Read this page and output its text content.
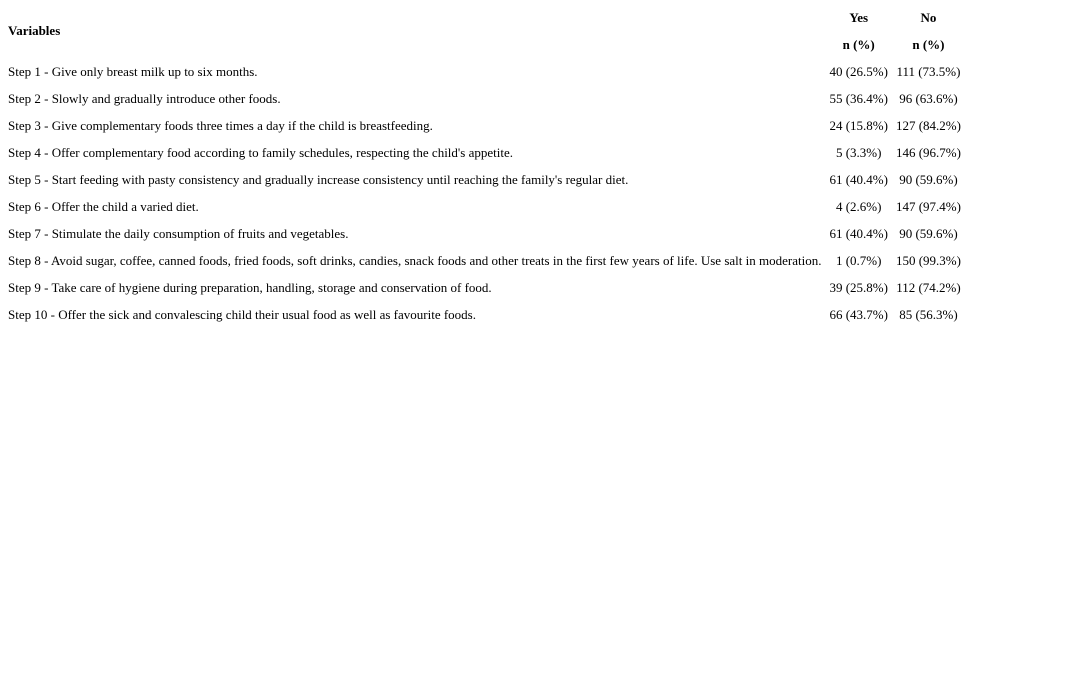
Variables	Yes	No
	n (%)	n (%)
Step 1 - Give only breast milk up to six months.	40 (26.5%)	111 (73.5%)
Step 2 - Slowly and gradually introduce other foods.	55 (36.4%)	96 (63.6%)
Step 3 - Give complementary foods three times a day if the child is breastfeeding.	24 (15.8%)	127 (84.2%)
Step 4 - Offer complementary food according to family schedules, respecting the child's appetite.	5 (3.3%)	146 (96.7%)
Step 5 - Start feeding with pasty consistency and gradually increase consistency until reaching the family's regular diet.	61 (40.4%)	90 (59.6%)
Step 6 - Offer the child a varied diet.	4 (2.6%)	147 (97.4%)
Step 7 - Stimulate the daily consumption of fruits and vegetables.	61 (40.4%)	90 (59.6%)
Step 8 - Avoid sugar, coffee, canned foods, fried foods, soft drinks, candies, snack foods and other treats in the first few years of life. Use salt in moderation.	1 (0.7%)	150 (99.3%)
Step 9 - Take care of hygiene during preparation, handling, storage and conservation of food.	39 (25.8%)	112 (74.2%)
Step 10 - Offer the sick and convalescing child their usual food as well as favourite foods.	66 (43.7%)	85 (56.3%)
